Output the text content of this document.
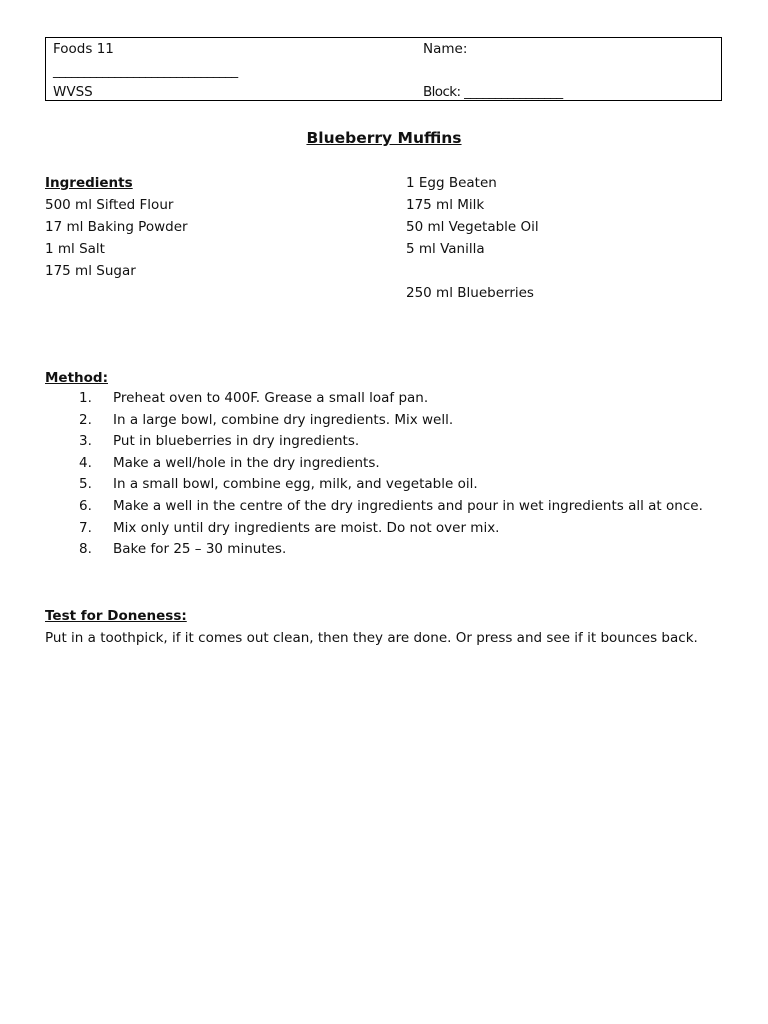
Foods 11	Name:
______________________________
WVSS	Block: ________________
Blueberry Muffins
Ingredients
500 ml Sifted Flour
17 ml Baking Powder
1 ml Salt
175 ml Sugar
1 Egg Beaten
175 ml Milk
50 ml Vegetable Oil
5 ml Vanilla
250 ml Blueberries
Method:
1.	Preheat oven to 400F. Grease a small loaf pan.
2.	In a large bowl, combine dry ingredients. Mix well.
3.	Put in blueberries in dry ingredients.
4.	Make a well/hole in the dry ingredients.
5.	In a small bowl, combine egg, milk, and vegetable oil.
6.	Make a well in the centre of the dry ingredients and pour in wet ingredients all at once.
7.	Mix only until dry ingredients are moist. Do not over mix.
8.	Bake for 25 – 30 minutes.
Test for Doneness:
Put in a toothpick, if it comes out clean, then they are done. Or press and see if it bounces back.
